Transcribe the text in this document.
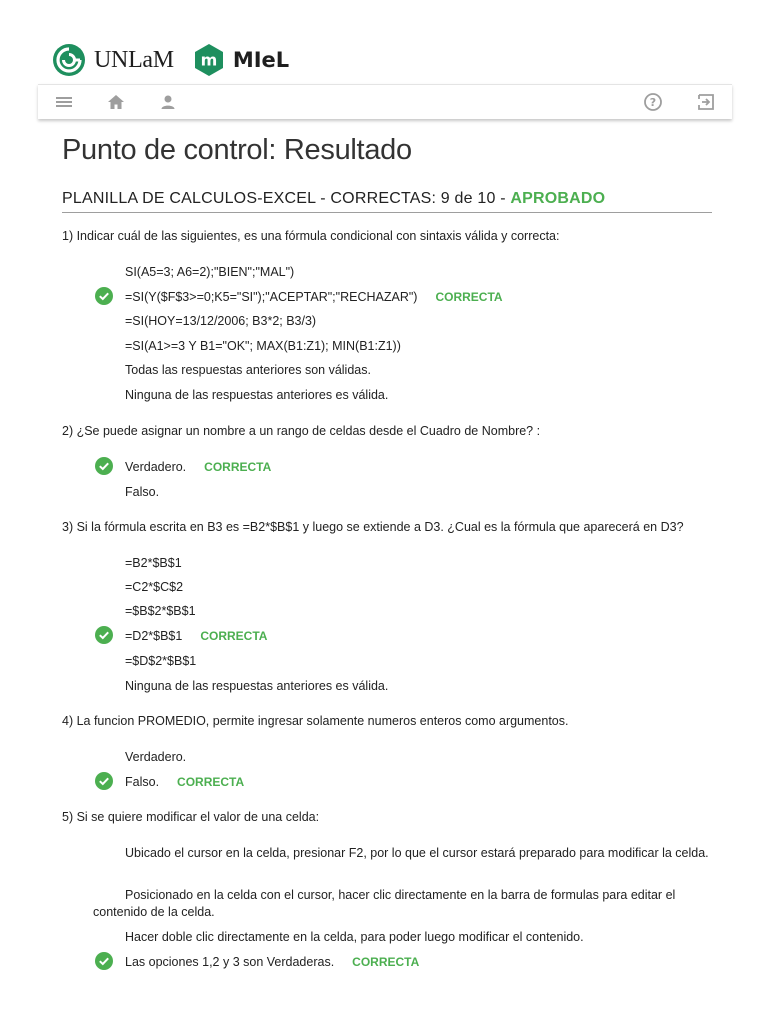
UNLaM m MIeL
?
Punto de control: Resultado
PLANILLA DE CALCULOS-EXCEL - CORRECTAS: 9 de 10 - APROBADO
1) Indicar cuál de las siguientes, es una fórmula condicional con sintaxis válida y correcta:
SI(A5=3; A6=2);"BIEN";"MAL")
=SI(Y($F$3>=0;K5="SI");"ACEPTAR";"RECHAZAR") CORRECTA
=SI(HOY=13/12/2006; B3*2; B3/3)
=SI(A1>=3 Y B1="OK"; MAX(B1:Z1); MIN(B1:Z1))
Todas las respuestas anteriores son válidas.
Ninguna de las respuestas anteriores es válida.
2) ¿Se puede asignar un nombre a un rango de celdas desde el Cuadro de Nombre? :
Verdadero. CORRECTA
Falso.
3) Si la fórmula escrita en B3 es =B2*$B$1 y luego se extiende a D3. ¿Cual es la fórmula que aparecerá en D3?
=B2*$B$1
=C2*$C$2
=$B$2*$B$1
=D2*$B$1 CORRECTA
=$D$2*$B$1
Ninguna de las respuestas anteriores es válida.
4) La funcion PROMEDIO, permite ingresar solamente numeros enteros como argumentos.
Verdadero.
Falso. CORRECTA
5) Si se quiere modificar el valor de una celda:
Ubicado el cursor en la celda, presionar F2, por lo que el cursor estará preparado para modificar la celda.
Posicionado en la celda con el cursor, hacer clic directamente en la barra de formulas para editar el contenido de la celda.
Hacer doble clic directamente en la celda, para poder luego modificar el contenido.
Las opciones 1,2 y 3 son Verdaderas. CORRECTA
